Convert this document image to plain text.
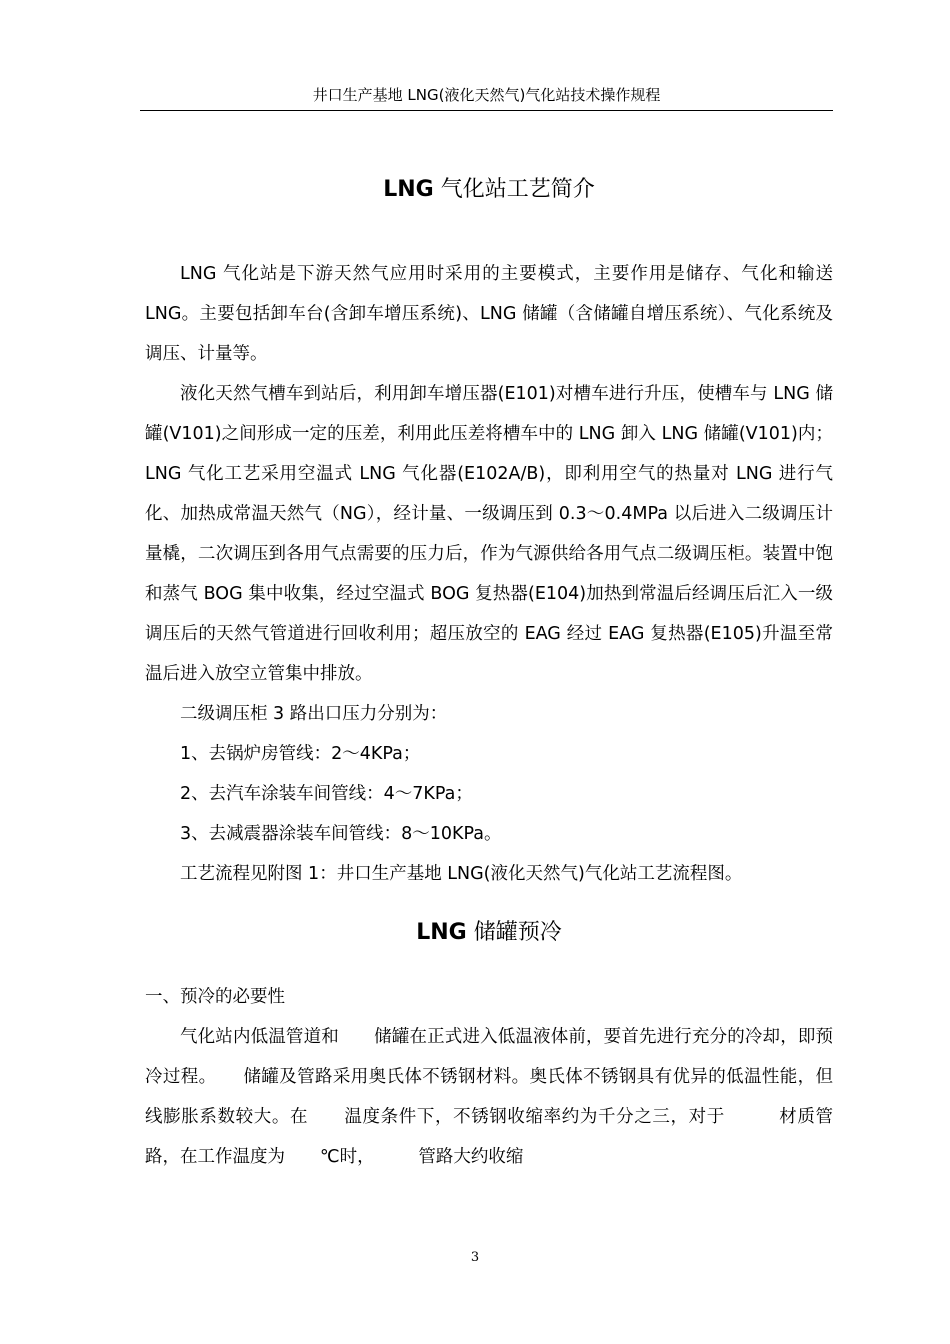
井口生产基地 LNG(液化天然气)气化站技术操作规程
LNG 气化站工艺简介

LNG 气化站是下游天然气应用时采用的主要模式，主要作用是储存、气化和输送 LNG。主要包括卸车台(含卸车增压系统)、LNG 储罐（含储罐自增压系统）、气化系统及调压、计量等。

液化天然气槽车到站后，利用卸车增压器(E101)对槽车进行升压，使槽车与 LNG 储罐(V101)之间形成一定的压差，利用此压差将槽车中的 LNG 卸入 LNG 储罐(V101)内；LNG 气化工艺采用空温式 LNG 气化器(E102A/B)，即利用空气的热量对 LNG 进行气化、加热成常温天然气（NG），经计量、一级调压到 0.3～0.4MPa 以后进入二级调压计量橇，二次调压到各用气点需要的压力后，作为气源供给各用气点二级调压柜。装置中饱和蒸气 BOG 集中收集，经过空温式 BOG 复热器(E104)加热到常温后经调压后汇入一级调压后的天然气管道进行回收利用；超压放空的 EAG 经过 EAG 复热器(E105)升温至常温后进入放空立管集中排放。

二级调压柜 3 路出口压力分别为：

1、去锅炉房管线：2～4KPa；

2、去汽车涂装车间管线：4～7KPa；

3、去减震器涂装车间管线：8～10KPa。

工艺流程见附图 1：井口生产基地 LNG(液化天然气)气化站工艺流程图。

LNG 储罐预冷

一、预冷的必要性

气化站内低温管道和　　储罐在正式进入低温液体前，要首先进行充分的冷却，即预冷过程。　　储罐及管路采用奥氏体不锈钢材料。奥氏体不锈钢具有优异的低温性能，但线膨胀系数较大。在　　温度条件下，不锈钢收缩率约为千分之三，对于　　　材质管路，在工作温度为　　℃时，　　　管路大约收缩

3
